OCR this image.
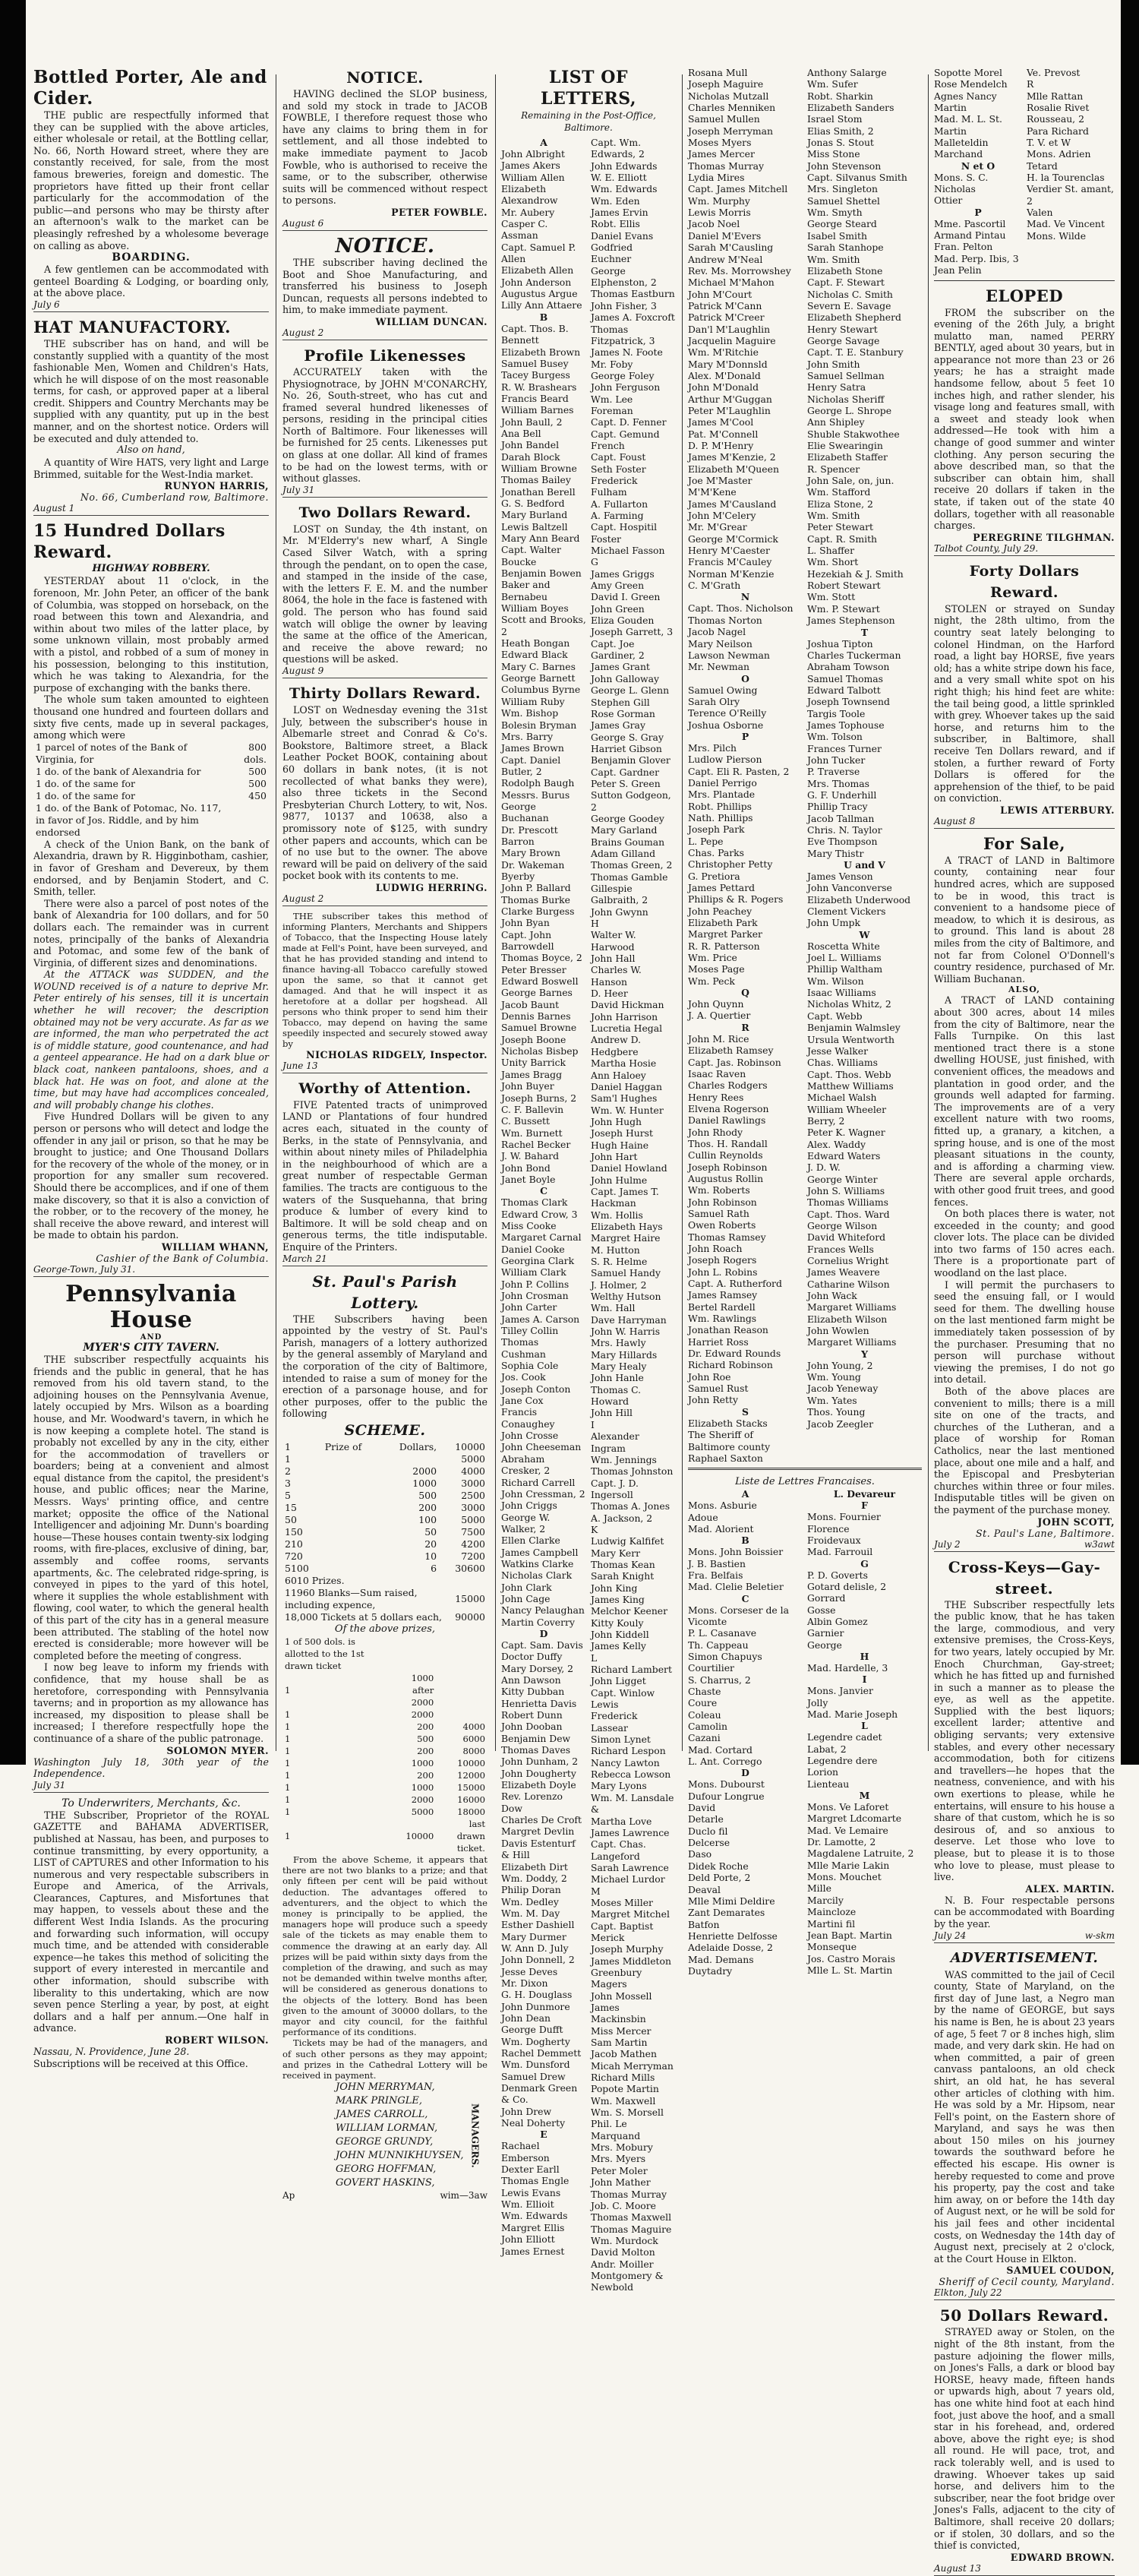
Bottled Porter, Ale and Cider.

THE public are respectfully informed that they can be supplied with the above articles, either wholesale or retail, at the Bottling cellar, No. 66, North Howard street, where they are constantly received, for sale, from the most famous breweries, foreign and domestic. The proprietors have fitted up their front cellar particularly for the accommodation of the public—and persons who may be thirsty after an afternoon's walk to the market can be pleasingly refreshed by a wholesome beverage on calling as above.

BOARDING.

A few gentlemen can be accommodated with genteel Boarding & Lodging, or boarding only, at the above place.

July 6
HAT MANUFACTORY.

THE subscriber has on hand, and will be constantly supplied with a quantity of the most fashionable Men, Women and Children's Hats, which he will dispose of on the most reasonable terms, for cash, or approved paper at a liberal credit. Shippers and Country Merchants may be supplied with any quantity, put up in the best manner, and on the shortest notice. Orders will be executed and duly attended to.

Also on hand,

A quantity of Wire HATS, very light and Large Brimmed, suitable for the West-India market.

RUNYON HARRIS,
No. 66, Cumberland row, Baltimore.
August 1
15 Hundred Dollars Reward.
HIGHWAY ROBBERY.

YESTERDAY about 11 o'clock, in the forenoon, Mr. John Peter, an officer of the bank of Columbia, was stopped on horseback, on the road between this town and Alexandria, and within about two miles of the latter place, by some unknown villain, most probably armed with a pistol, and robbed of a sum of money in his possession, belonging to this institution, which he was taking to Alexandria, for the purpose of exchanging with the banks there.

The whole sum taken amounted to eighteen thousand one hundred and fourteen dollars and sixty five cents, made up in several packages, among which were

1 parcel of notes of the Bank of Virginia, for	800 dols.
1 do. of the bank of Alexandria for	500
1 do. of the same for	500
1 do. of the same for	450
1 do. of the Bank of Potomac, No. 117, in favor of Jos. Riddle, and by him endorsed	

A check of the Union Bank, on the bank of Alexandria, drawn by R. Higginbotham, cashier, in favor of Gresham and Devereux, by them endorsed, and by Benjamin Stodert, and C. Smith, teller.

There were also a parcel of post notes of the bank of Alexandria for 100 dollars, and for 50 dollars each. The remainder was in current notes, principally of the banks of Alexandria and Potomac, and some few of the bank of Virginia, of different sizes and denominations.

At the ATTACK was SUDDEN, and the WOUND received is of a nature to deprive Mr. Peter entirely of his senses, till it is uncertain whether he will recover; the description obtained may not be very accurate. As far as we are informed, the man who perpetrated the act is of middle stature, good countenance, and had a genteel appearance. He had on a dark blue or black coat, nankeen pantaloons, shoes, and a black hat. He was on foot, and alone at the time, but may have had accomplices concealed, and will probably change his clothes.

Five Hundred Dollars will be given to any person or persons who will detect and lodge the offender in any jail or prison, so that he may be brought to justice; and One Thousand Dollars for the recovery of the whole of the money, or in proportion for any smaller sum recovered. Should there be accomplices, and if one of them make discovery, so that it is also a conviction of the robber, or to the recovery of the money, he shall receive the above reward, and interest will be made to obtain his pardon.

WILLIAM WHANN,
Cashier of the Bank of Columbia.
George-Town, July 31.
Pennsylvania House
AND
MYER'S CITY TAVERN.

THE subscriber respectfully acquaints his friends and the public in general, that he has removed from his old tavern stand, to the adjoining houses on the Pennsylvania Avenue, lately occupied by Mrs. Wilson as a boarding house, and Mr. Woodward's tavern, in which he is now keeping a complete hotel. The stand is probably not excelled by any in the city, either for the accommodation of travellers or boarders; being at a convenient and almost equal distance from the capitol, the president's house, and public offices; near the Marine, Messrs. Ways' printing office, and centre market; opposite the office of the National Intelligencer and adjoining Mr. Dunn's boarding house—These houses contain twenty-six lodging rooms, with fire-places, exclusive of dining, bar, assembly and coffee rooms, servants apartments, &c. The celebrated ridge-spring, is conveyed in pipes to the yard of this hotel, where it supplies the whole establishment with flowing, cool water, to which the general health of this part of the city has in a general measure been attributed. The stabling of the hotel now erected is considerable; more however will be completed before the meeting of congress.

I now beg leave to inform my friends with confidence, that my house shall be as heretofore, corresponding with Pennsylvania taverns; and in proportion as my allowance has increased, my disposition to please shall be increased; I therefore respectfully hope the continuance of a share of the public patronage.

SOLOMON MYER.
Washington July 18, 30th year of the Independence.
July 31
To Underwriters, Merchants, &c.

THE Subscriber, Proprietor of the ROYAL GAZETTE and BAHAMA ADVERTISER, published at Nassau, has been, and purposes to continue transmitting, by every opportunity, a LIST of CAPTURES and other Information to his numerous and very respectable subscribers in Europe and America, of the Arrivals, Clearances, Captures, and Misfortunes that may happen, to vessels about these and the different West India Islands. As the procuring and forwarding such information, will occupy much time, and be attended with considerable expence—he takes this method of soliciting the support of every interested in mercantile and other information, should subscribe with liberality to this undertaking, which are now seven pence Sterling a year, by post, at eight dollars and a half per annum.—One half in advance.

ROBERT WILSON.
Nassau, N. Providence, June 28.
Subscriptions will be received at this Office.
NOTICE.

HAVING declined the SLOP business, and sold my stock in trade to JACOB FOWBLE, I therefore request those who have any claims to bring them in for settlement, and all those indebted to make immediate payment to Jacob Fowble, who is authorised to receive the same, or to the subscriber, otherwise suits will be commenced without respect to persons.

PETER FOWBLE.
August 6
NOTICE.

THE subscriber having declined the Boot and Shoe Manufacturing, and transferred his business to Joseph Duncan, requests all persons indebted to him, to make immediate payment.

WILLIAM DUNCAN.
August 2
Profile Likenesses

ACCURATELY taken with the Physiognotrace, by JOHN M'CONARCHY, No. 26, South-street, who has cut and framed several hundred likenesses of persons, residing in the principal cities North of Baltimore. Four likenesses will be furnished for 25 cents. Likenesses put on glass at one dollar. All kind of frames to be had on the lowest terms, with or without glasses.

July 31
Two Dollars Reward.

LOST on Sunday, the 4th instant, on Mr. M'Elderry's new wharf, A Single Cased Silver Watch, with a spring through the pendant, on to open the case, and stamped in the inside of the case, with the letters F. E. M. and the number 8064, the hole in the face is fastened with gold. The person who has found said watch will oblige the owner by leaving the same at the office of the American, and receive the above reward; no questions will be asked.

August 9
Thirty Dollars Reward.

LOST on Wednesday evening the 31st July, between the subscriber's house in Albemarle street and Conrad & Co's. Bookstore, Baltimore street, a Black Leather Pocket BOOK, containing about 60 dollars in bank notes, (it is not recollected of what banks they were), also three tickets in the Second Presbyterian Church Lottery, to wit, Nos. 9877, 10137 and 10638, also a promissory note of $125, with sundry other papers and accounts, which can be of no use but to the owner. The above reward will be paid on delivery of the said pocket book with its contents to me.

LUDWIG HERRING.
August 2

THE subscriber takes this method of informing Planters, Merchants and Shippers of Tobacco, that the Inspecting House lately made at Fell's Point, have been surveyed, and that he has provided standing and intend to finance having-all Tobacco carefully stowed upon the same, so that it cannot get damaged. And that he will inspect it as heretofore at a dollar per hogshead. All persons who think proper to send him their Tobacco, may depend on having the same speedily inspected and securely stowed away by

NICHOLAS RIDGELY, Inspector.
June 13
Worthy of Attention.

FIVE Patented tracts of unimproved LAND or Plantations of four hundred acres each, situated in the county of Berks, in the state of Pennsylvania, and within about ninety miles of Philadelphia in the neighbourhood of which are a great number of respectable German families. The tracts are contiguous to the waters of the Susquehanna, that bring produce & lumber of every kind to Baltimore. It will be sold cheap and on generous terms, the title indisputable. Enquire of the Printers.

March 21
St. Paul's Parish Lottery.

THE Subscribers having been appointed by the vestry of St. Paul's Parish, managers of a lottery authorized by the general assembly of Maryland and the corporation of the city of Baltimore, intended to raise a sum of money for the erection of a parsonage house, and for other purposes, offer to the public the following

SCHEME.
1	Prize of	Dollars,	10000
1			5000
2		2000	4000
3		1000	3000
5		500	2500
15		200	3000
50		100	5000
150		50	7500
210		20	4200
720		10	7200
5100		6	30600
6010 Prizes.	
11960 Blanks—Sum raised, including expence,	15000
18,000 Tickets at 5 dollars each,	90000
Of the above prizes,
1 of 500 dols. is allotted to the 1st drawn ticket		
1	1000 after 2000	
1	2000	
1	200	4000
1	500	6000
1	200	8000
1	1000	10000
1	200	12000
1	1000	15000
1	2000	16000
1	5000	18000
1	10000	last drawn ticket.

From the above Scheme, it appears that there are not two blanks to a prize; and that only fifteen per cent will be paid without deduction. The advantages offered to adventurers, and the object to which the money is principally to be applied, the managers hope will produce such a speedy sale of the tickets as may enable them to commence the drawing at an early day. All prizes will be paid within sixty days from the completion of the drawing, and such as may not be demanded within twelve months after, will be considered as generous donations to the objects of the lottery. Bond has been given to the amount of 30000 dollars, to the mayor and city council, for the faithful performance of its conditions.

Tickets may be had of the managers, and of such other persons as they may appoint; and prizes in the Cathedral Lottery will be received in payment.

JOHN MERRYMAN,
MARK PRINGLE,
JAMES CARROLL,
WILLIAM LORMAN,
GEORGE GRUNDY,
JOHN MUNNIKHUYSEN,
GEORG HOFFMAN,
GOVERT HASKINS,
MANAGERS.
Ap	wim—3aw
LIST OF LETTERS,
Remaining in the Post-Office, Baltimore.
A
John Albright
James Akers
William Allen
Elizabeth Alexandrow
Mr. Aubery
Casper C. Assman
Capt. Samuel P. Allen
Elizabeth Allen
John Anderson
Augustus Argue
Lilly Ann Attaere
B
Capt. Thos. B. Bennett
Elizabeth Brown
Samuel Busey
Tacey Burgess
R. W. Brashears
Francis Beard
William Barnes
John Baull, 2
Ana Bell
John Bandel
Darah Block
William Browne
Thomas Bailey
Jonathan Berell
G. S. Bedford
Mary Burland
Lewis Baltzell
Mary Ann Beard
Capt. Walter Boucke
Benjamin Bowen
Baker and Bernabeu
William Boyes
Scott and Brooks, 2
Heath Bongan
Edward Black
Mary C. Barnes
George Barnett
Columbus Byrne
William Ruby
Wm. Bishop
Bolesin Bryman
Mrs. Barry
James Brown
Capt. Daniel Butler, 2
Rodolph Baugh
Messrs. Burus
George Buchanan
Dr. Prescott Barron
Mary Brown
Dr. Wakeman Byerby
John P. Ballard
Thomas Burke
Clarke Burgess
John Byan
Capt. John Barrowdell
Thomas Boyce, 2
Peter Bresser
Edward Boswell
George Barnes
Jacob Baunt
Dennis Barnes
Samuel Browne
Joseph Boone
Nicholas Bisbep
Unity Barrick
James Bragg
John Buyer
Joseph Burns, 2
C. F. Ballevin
C. Bussett
Wm. Burnett
Rachel Becker
J. W. Bahard
John Bond
Janet Boyle
C
Thomas Clark
Edward Crow, 3
Miss Cooke
Margaret Carnal
Daniel Cooke
Georgina Clark
William Clark
John P. Collins
John Crosman
John Carter
James A. Carson
Tilley Collin
Thomas Cushman
Sophia Cole
Jos. Cook
Joseph Conton
Jane Cox
Francis Conaughey
John Crosse
John Cheeseman
Abraham Cresker, 2
Richard Carrell
John Cressman, 2
John Criggs
George W. Walker, 2
Ellen Clarke
James Campbell
Watkins Clarke
Nicholas Clark
John Clark
John Cage
Nancy Pelaughan
Martin Coverry
D
Capt. Sam. Davis
Doctor Duffy
Mary Dorsey, 2
Ann Dawson
Kitty Dubban
Henrietta Davis
Robert Dunn
John Dooban
Benjamin Dew
Thomas Daves
John Dunham, 2
John Dougherty
Elizabeth Doyle
Rev. Lorenzo Dow
Charles De Croft
Margret Devlin
Davis Estenturf & Hill
Elizabeth Dirt
Wm. Doddy, 2
Philip Doran
Wm. Dedley
Wm. M. Day
Esther Dashiell
Mary Durmer
W. Ann D. July
John Donnell, 2
Jesse Deves
Mr. Dixon
G. H. Douglass
John Dunmore
John Dean
George Dufft
Wm. Dogherty
Rachel Demmett
Wm. Dunsford
Samuel Drew
Denmark Green & Co.
John Drew
Neal Doherty
E
Rachael Emberson
Dexter Earll
Thomas Engle
Lewis Evans
Wm. Ellioit
Wm. Edwards
Margret Ellis
John Elliott
James Ernest
Capt. Wm. Edwards, 2
John Edwards
W. E. Elliott
Wm. Edwards
Wm. Eden
James Ervin
Robt. Ellis
Daniel Evans
Godfried Euchner
George Elphenston, 2
Thomas Eastburn
John Fisher, 3
James A. Foxcroft
Thomas Fitzpatrick, 3
James N. Foote
Mr. Foby
George Foley
John Ferguson
Wm. Lee Foreman
Capt. D. Fenner
Capt. Gemund French
Capt. Foust
Seth Foster
Frederick Fulham
A. Fullarton
A. Farming
Capt. Hospitil Foster
Michael Fasson
G
James Griggs
Amy Green
David I. Green
John Green
Eliza Gouden
Joseph Garrett, 3
Capt. Joe Gardiner, 2
James Grant
John Galloway
George L. Glenn
Stephen Gill
Rose Gorman
James Gray
George S. Gray
Harriet Gibson
Benjamin Glover
Capt. Gardner
Peter S. Green
Sutton Godgeon, 2
George Goodey
Mary Garland
Brains Gouman
Adam Gilland
Thomas Green, 2
Thomas Gamble
Gillespie Galbraith, 2
John Gwynn
H
Walter W. Harwood
John Hall
Charles W. Hanson
D. Heer
David Hickman
John Harrison
Lucretia Hegal
Andrew D. Hedgbere
Martha Hosie
Ann Haloey
Daniel Haggan
Sam'l Hughes
Wm. W. Hunter
John Hugh
Joseph Hurst
Hugh Haine
John Hart
Daniel Howland
John Hulme
Capt. James T. Hackman
Wm. Hollis
Elizabeth Hays
Margret Haire
M. Hutton
S. R. Helme
Samuel Handy
J. Holmer, 2
Welthy Hutson
Wm. Hall
Dave Harryman
John W. Harris
Mrs. Hawly
Mary Hillards
Mary Healy
John Hanle
Thomas C. Howard
John Hill
I
Alexander Ingram
Wm. Jennings
Thomas Johnston
Capt. J. D. Ingersoll
Thomas A. Jones
A. Jackson, 2
K
Ludwig Kalfifet
Mary Kerr
Thomas Kean
Sarah Knight
John King
James King
Melchor Keener
Kitty Kouly
John Kiddell
James Kelly
L
Richard Lambert
John Ligget
Capt. Winlow Lewis
Frederick Lassear
Simon Lynet
Richard Lespon
Nancy Lawton
Rebecca Lowson
Mary Lyons
Wm. M. Lansdale &
Martha Love
James Lawrence
Capt. Chas. Langeford
Sarah Lawrence
Michael Lurdor
M
Moses Miller
Margret Mitchel
Capt. Baptist Merick
Joseph Murphy
James Middleton
Greenbury Magers
John Mossell
James Mackinsbin
Miss Mercer
Sam Martin
Jacob Mathen
Micah Merryman
Richard Mills
Popote Martin
Wm. Maxwell
Wm. S. Morsell
Phil. Le Marquand
Mrs. Mobury
Mrs. Myers
Peter Moler
John Mather
Thomas Murray
Job. C. Moore
Thomas Maxwell
Thomas Maguire
Wm. Murdock
David Molton
Andr. Moiller
Montgomery & Newbold
Rosana Mull
Joseph Maguire
Nicholas Mutzall
Charles Menniken
Samuel Mullen
Joseph Merryman
Moses Myers
James Mercer
Thomas Murray
Lydia Mires
Capt. James Mitchell
Wm. Murphy
Lewis Morris
Jacob Noel
Daniel M'Evers
Sarah M'Causling
Andrew M'Neal
Rev. Ms. Morrowshey
Michael M'Mahon
John M'Court
Patrick M'Cann
Patrick M'Creer
Dan'l M'Laughlin
Jacquelin Maguire
Wm. M'Ritchie
Mary M'Donnsld
Alex. M'Donald
John M'Donald
Arthur M'Guggan
Peter M'Laughlin
James M'Cool
Pat. M'Connell
D. P. M'Henry
James M'Kenzie, 2
Elizabeth M'Queen
Joe M'Master
M'M'Kene
James M'Causland
John M'Celery
Mr. M'Grear
George M'Cormick
Henry M'Caester
Francis M'Cauley
Norman M'Kenzie
C. M'Grath
N
Capt. Thos. Nicholson
Thomas Norton
Jacob Nagel
Mary Neilson
Lawson Newman
Mr. Newman
O
Samuel Owing
Sarah Olry
Terence O'Reilly
Joshua Osborne
P
Mrs. Pilch
Ludlow Pierson
Capt. Eli R. Pasten, 2
Daniel Perrigo
Mrs. Plantade
Robt. Phillips
Nath. Phillips
Joseph Park
L. Pepe
Chas. Parks
Christopher Petty
G. Pretiora
James Pettard
Phillips & R. Pogers
John Peachey
Elizabeth Park
Margret Parker
R. R. Patterson
Wm. Price
Moses Page
Wm. Peck
Q
John Quynn
J. A. Quertier
R
John M. Rice
Elizabeth Ramsey
Capt. Jas. Robinson
Isaac Raven
Charles Rodgers
Henry Rees
Elvena Rogerson
Daniel Rawlings
John Rhody
Thos. H. Randall
Cullin Reynolds
Joseph Robinson
Augustus Rollin
Wm. Roberts
John Robinson
Samuel Rath
Owen Roberts
Thomas Ramsey
John Roach
Joseph Rogers
John L. Robins
Capt. A. Rutherford
James Ramsey
Bertel Rardell
Wm. Rawlings
Jonathan Reason
Harriet Ross
Dr. Edward Rounds
Richard Robinson
John Roe
Samuel Rust
John Retty
S
Elizabeth Stacks
The Sheriff of Baltimore county
Raphael Saxton
Anthony Salarge
Wm. Sufer
Robt. Sharkin
Elizabeth Sanders
Israel Stom
Elias Smith, 2
Jonas S. Stout
Miss Stone
John Stevenson
Capt. Silvanus Smith
Mrs. Singleton
Samuel Shettel
Wm. Smyth
George Steard
Isabel Smith
Sarah Stanhope
Wm. Smith
Elizabeth Stone
Capt. F. Stewart
Nicholas C. Smith
Severn E. Savage
Elizabeth Shepherd
Henry Stewart
George Savage
Capt. T. E. Stanbury
John Smith
Samuel Sellman
Henry Satra
Nicholas Sheriff
George L. Shrope
Ann Shipley
Shuble Stakwothee
Elie Swearingin
Elizabeth Staffer
R. Spencer
John Sale, on, jun.
Wm. Stafford
Eliza Stone, 2
Wm. Smith
Peter Stewart
Capt. R. Smith
L. Shaffer
Wm. Short
Hezekiah & J. Smith
Robert Stewart
Wm. Stott
Wm. P. Stewart
James Stephenson
T
Joshua Tipton
Charles Tuckerman
Abraham Towson
Samuel Thomas
Edward Talbott
Joseph Townsend
Targis Toole
James Tophouse
Wm. Tolson
Frances Turner
John Tucker
P. Traverse
Mrs. Thomas
G. F. Underhill
Phillip Tracy
Jacob Tallman
Chris. N. Taylor
Eve Thompson
Mary Thistr
U and V
James Venson
John Vanconverse
Elizabeth Underwood
Clement Vickers
John Umpk
W
Roscetta White
Joel L. Williams
Phillip Waltham
Wm. Wilson
Isaac Williams
Nicholas Whitz, 2
Capt. Webb
Benjamin Walmsley
Ursula Wentworth
Jesse Walker
Chas. Williams
Capt. Thos. Webb
Matthew Williams
Michael Walsh
William Wheeler
Berry, 2
Peter K. Wagner
Alex. Waddy
Edward Waters
J. D. W.
George Winter
John S. Williams
Thomas Williams
Capt. Thos. Ward
George Wilson
David Whiteford
Frances Wells
Cornelius Wright
James Weavere
Catharine Wilson
John Wack
Margaret Williams
Elizabeth Wilson
John Wowlen
Margaret Williams
Y
John Young, 2
Wm. Young
Jacob Yeneway
Wm. Yates
Thos. Young
Jacob Zeegler
Liste de Lettres Francaises.
A
Mons. Asburie
Adoue
Mad. Alorient
B
Mons. John Boissier
J. B. Bastien
Fra. Belfais
Mad. Clelie Beletier
C
Mons. Corseser de la Vicomte
P. L. Casanave
Th. Cappeau
Simon Chapuys
Courtilier
S. Charrus, 2
Chaste
Coure
Coleau
Camolin
Cazani
Mad. Cortard
L. Ant. Corrego
D
Mons. Dubourst
Dufour Longrue
David
Detarle
Duclo fil
Delcerse
Daso
Didek Roche
Deld Porte, 2
Deaval
Mlle Mimi Deldire
Zant Demarates
Batfon
Henriette Delfosse
Adelaide Dosse, 2
Mad. Demans
Duytadry
L. Devareur
F
Mons. Fournier
Florence
Froidevaux
Mad. Farrouil
G
P. D. Goverts
Gotard delisle, 2
Gorrard
Gosse
Albin Gomez
Garnier
George
H
Mad. Hardelle, 3
I
Mons. Janvier
Jolly
Mad. Marie Joseph
L
Legendre cadet
Labat, 2
Legendre dere
Lorion
Lienteau
M
Mons. Ve Laforet
Margret Ldcomarte
Mad. Ve Lemaire
Dr. Lamotte, 2
Magdalene Latruite, 2
Mlle Marie Lakin
Mons. Mouchet
Mille
Marcily
Maincloze
Martini fil
Jean Bapt. Martin
Monseque
Jos. Castro Morais
Mlle L. St. Martin
Sopotte Morel
Rose Mendelch
Agnes Nancy Martin
Mad. M. L. St. Martin
Malleteldin
Marchand
N et O
Mons. S. C. Nicholas
Ottier
P
Mme. Pascortil
Armand Pintau
Fran. Pelton
Mad. Perp. Ibis, 3
Jean Pelin
Ve. Prevost
R
Mlle Rattan
Rosalie Rivet
Rousseau, 2
Para Richard
T. V. et W
Mons. Adrien Tetard
H. la Tourenclas
Verdier St. amant, 2
Valen
Mad. Ve Vincent
Mons. Wilde
ELOPED

FROM the subscriber on the evening of the 26th July, a bright mulatto man, named PERRY BENTLY, aged about 30 years, but in appearance not more than 23 or 26 years; he has a straight made handsome fellow, about 5 feet 10 inches high, and rather slender, his visage long and features small, with a sweet and steady look when addressed—He took with him a change of good summer and winter clothing. Any person securing the above described man, so that the subscriber can obtain him, shall receive 20 dollars if taken in the state, if taken out of the state 40 dollars, together with all reasonable charges.

PEREGRINE TILGHMAN.
Talbot County, July 29.
Forty Dollars Reward.

STOLEN or strayed on Sunday night, the 28th ultimo, from the country seat lately belonging to colonel Hindman, on the Harford road, a light bay HORSE, five years old; has a white stripe down his face, and a very small white spot on his right thigh; his hind feet are white: the tail being good, a little sprinkled with grey. Whoever takes up the said horse, and returns him to the subscriber, in Baltimore, shall receive Ten Dollars reward, and if stolen, a further reward of Forty Dollars is offered for the apprehension of the thief, to be paid on conviction.

LEWIS ATTERBURY.
August 8
For Sale,

A TRACT of LAND in Baltimore county, containing near four hundred acres, which are supposed to be in wood, this tract is convenient to a handsome piece of meadow, to which it is desirous, as to ground. This land is about 28 miles from the city of Baltimore, and not far from Colonel O'Donnell's country residence, purchased of Mr. William Buchanan.

ALSO,

A TRACT of LAND containing about 300 acres, about 14 miles from the city of Baltimore, near the Falls Turnpike. On this last mentioned tract there is a stone dwelling HOUSE, just finished, with convenient offices, the meadows and plantation in good order, and the grounds well adapted for farming. The improvements are of a very excellent nature with two rooms, fitted up, a granary, a kitchen, a spring house, and is one of the most pleasant situations in the county, and is affording a charming view. There are several apple orchards, with other good fruit trees, and good fences.

On both places there is water, not exceeded in the county; and good clover lots. The place can be divided into two farms of 150 acres each. There is a proportionate part of woodland on the last place.

I will permit the purchasers to seed the ensuing fall, or I would seed for them. The dwelling house on the last mentioned farm might be immediately taken possession of by the purchaser. Presuming that no person will purchase without viewing the premises, I do not go into detail.

Both of the above places are convenient to mills; there is a mill site on one of the tracts, and churches of the Lutheran, and a place of worship for Roman Catholics, near the last mentioned place, about one mile and a half, and the Episcopal and Presbyterian churches within three or four miles. Indisputable titles will be given on the payment of the purchase money.

JOHN SCOTT,
St. Paul's Lane, Baltimore.
July 2	w3awt
Cross-Keys—Gay-street.

THE Subscriber respectfully lets the public know, that he has taken the large, commodious, and very extensive premises, the Cross-Keys, for two years, lately occupied by Mr. Enoch Churchman, Gay-street; which he has fitted up and furnished in such a manner as to please the eye, as well as the appetite. Supplied with the best liquors; excellent larder; attentive and obliging servants; very extensive stables, and every other necessary accommodation, both for citizens and travellers—he hopes that the neatness, convenience, and with his own exertions to please, while he entertains, will ensure to his house a share of that custom, which he is so desirous of, and so anxious to deserve. Let those who love to please, but to please it is to those who love to please, must please to live.

ALEX. MARTIN.

N. B. Four respectable persons can be accommodated with Boarding by the year.

July 24	w-skm
ADVERTISEMENT.

WAS committed to the jail of Cecil county, State of Maryland, on the first day of June last, a Negro man by the name of GEORGE, but says his name is Ben, he is about 23 years of age, 5 feet 7 or 8 inches high, slim made, and very dark skin. He had on when committed, a pair of green canvass pantaloons, an old check shirt, an old hat, he has several other articles of clothing with him. He was sold by a Mr. Hipsom, near Fell's point, on the Eastern shore of Maryland, and says he was then about 150 miles on his journey towards the southward before he effected his escape. His owner is hereby requested to come and prove his property, pay the cost and take him away, on or before the 14th day of August next, or he will be sold for his jail fees and other incidental costs, on Wednesday the 14th day of August next, precisely at 2 o'clock, at the Court House in Elkton.

SAMUEL COUDON,
Sheriff of Cecil county, Maryland.
Elkton, July 22
50 Dollars Reward.

STRAYED away or Stolen, on the night of the 8th instant, from the pasture adjoining the flower mills, on Jones's Falls, a dark or blood bay HORSE, heavy made, fifteen hands or upwards high, about 7 years old, has one white hind foot at each hind foot, just above the hoof, and a small star in his forehead, and, ordered above, above the right eye; is shod all round. He will pace, trot, and rack tolerably well, and is used to drawing. Whoever takes up said horse, and delivers him to the subscriber, near the foot bridge over Jones's Falls, adjacent to the city of Baltimore, shall receive 20 dollars; or if stolen, 30 dollars, and so the thief is convicted,

EDWARD BROWN.
August 13
